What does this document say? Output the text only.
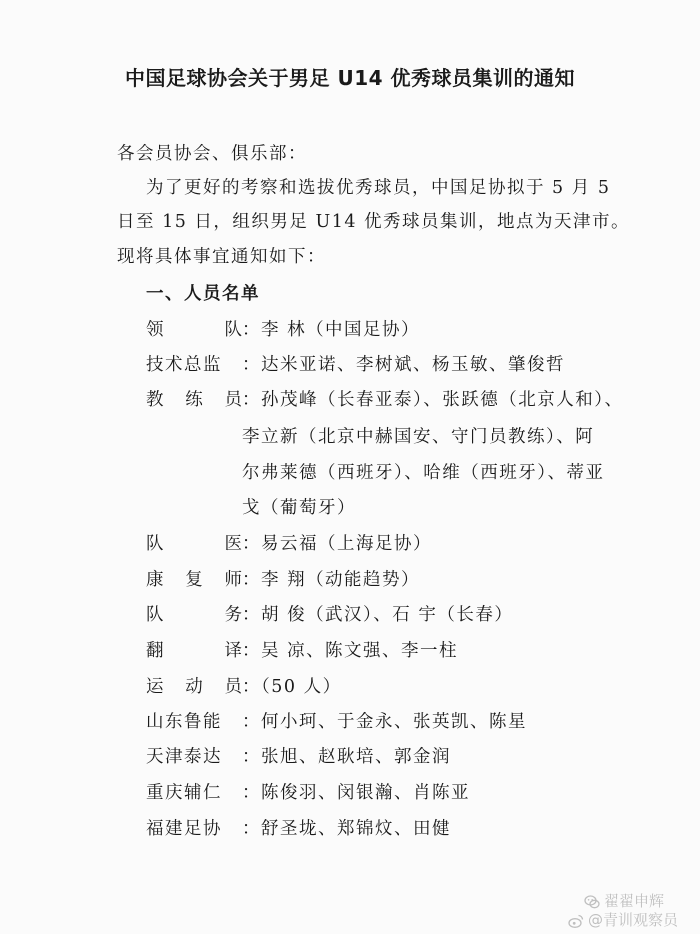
中国足球协会关于男足 U14 优秀球员集训的通知
各会员协会、俱乐部：
为了更好的考察和选拔优秀球员，中国足协拟于 5 月 5
日至 15 日，组织男足 U14 优秀球员集训，地点为天津市。
现将具体事宜通知如下：
一、人员名单
领	队 ：李 林（中国足协）
技术总监	：达米亚诺、李树斌、杨玉敏、肇俊哲
教 练 员 ：孙茂峰（长春亚泰）、张跃德（北京人和）、
李立新（北京中赫国安、守门员教练）、阿
尔弗莱德（西班牙）、哈维（西班牙）、蒂亚
戈（葡萄牙）
队	医 ：易云福（上海足协）
康 复 师 ：李 翔（动能趋势）
队	务 ：胡 俊（武汉）、石 宇（长春）
翻	译 ：吴 凉、陈文强、李一柱
运 动 员 ：（50 人）
山东鲁能	：何小珂、于金永、张英凯、陈星
天津泰达	：张旭、赵耿培、郭金润
重庆辅仁	：陈俊羽、闵银瀚、肖陈亚
福建足协	：舒圣垅、郑锦炆、田健
翟翟申辉
@青训观察员
